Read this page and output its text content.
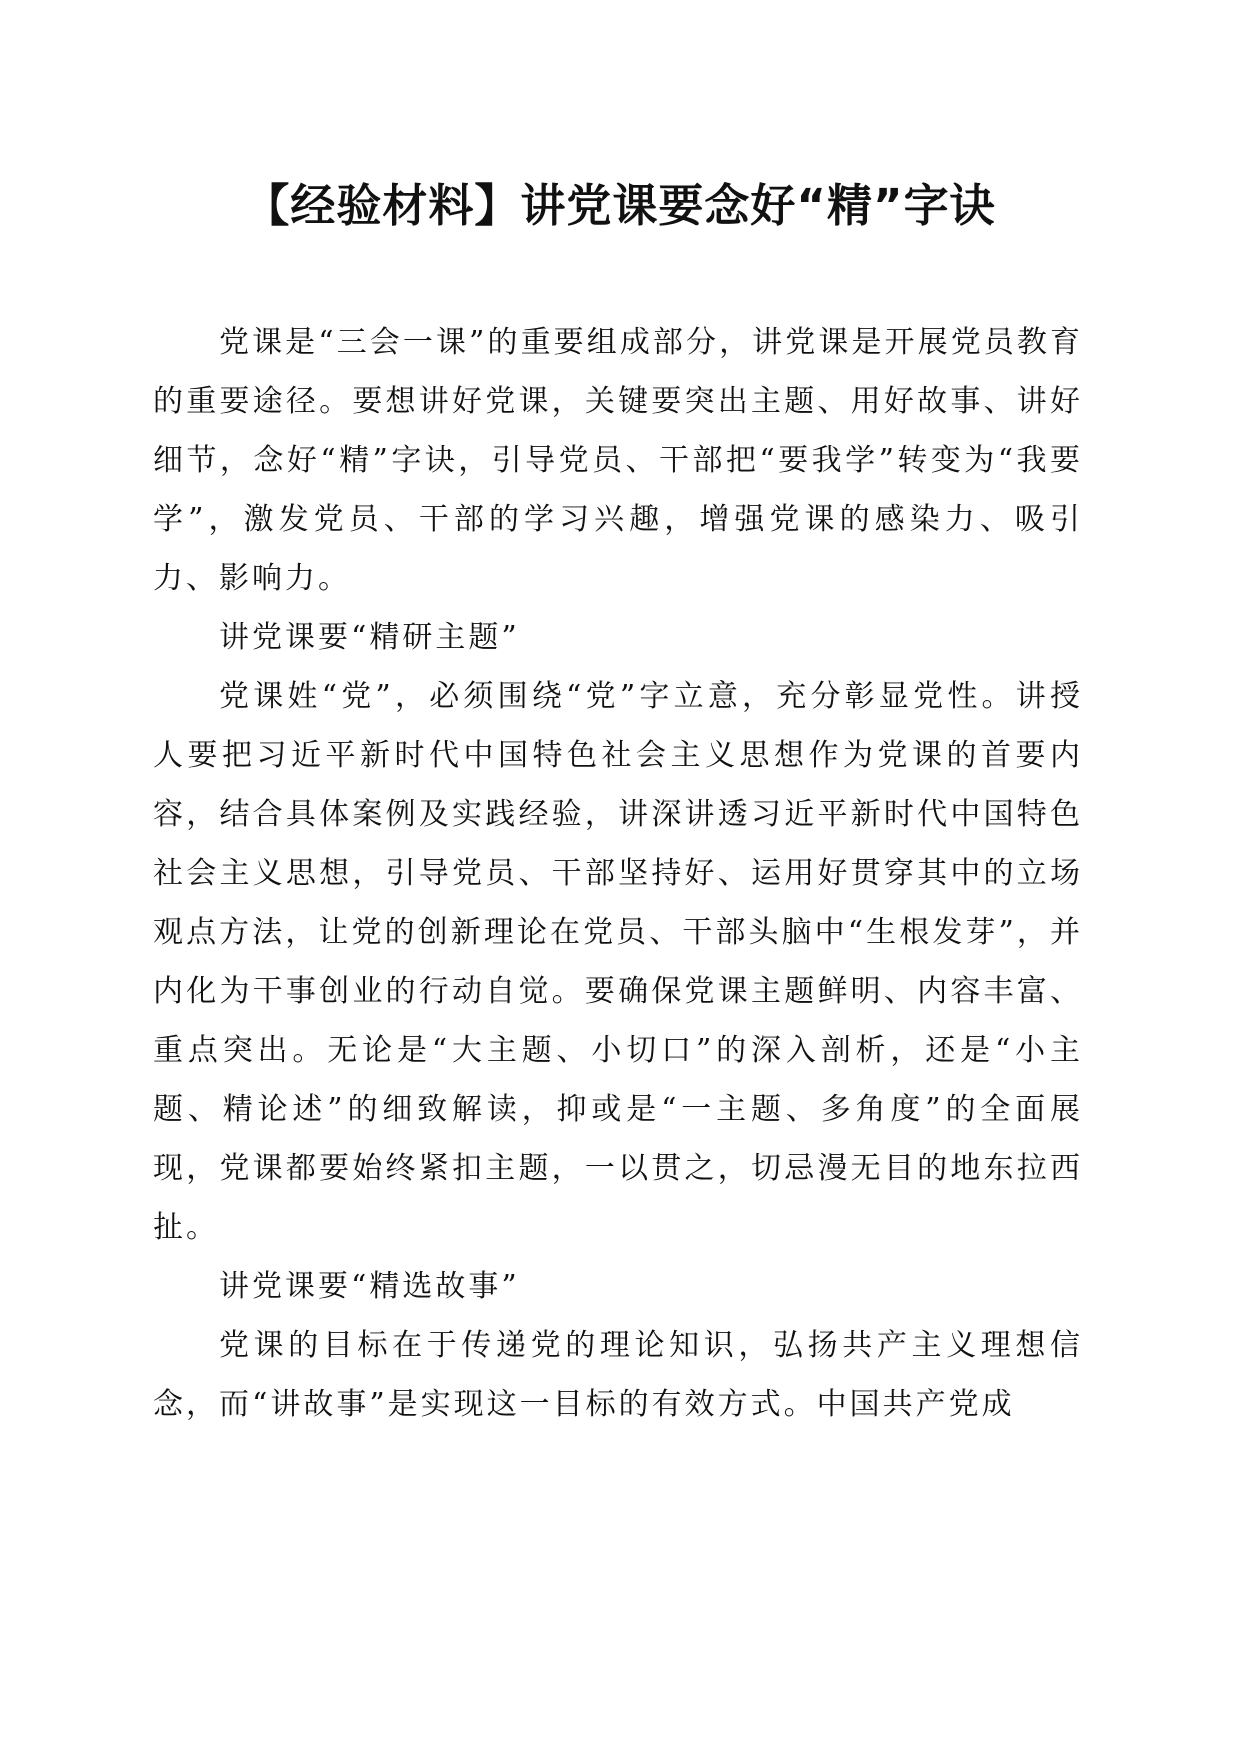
【经验材料】讲党课要念好“精”字诀

党课是“三会一课”的重要组成部分，讲党课是开展党员教育的重要途径。要想讲好党课，关键要突出主题、用好故事、讲好细节，念好“精”字诀，引导党员、干部把“要我学”转变为“我要学”，激发党员、干部的学习兴趣，增强党课的感染力、吸引力、影响力。

讲党课要“精研主题”

党课姓“党”，必须围绕“党”字立意，充分彰显党性。讲授人要把习近平新时代中国特色社会主义思想作为党课的首要内容，结合具体案例及实践经验，讲深讲透习近平新时代中国特色社会主义思想，引导党员、干部坚持好、运用好贯穿其中的立场观点方法，让党的创新理论在党员、干部头脑中“生根发芽”，并内化为干事创业的行动自觉。要确保党课主题鲜明、内容丰富、重点突出。无论是“大主题、小切口”的深入剖析，还是“小主题、精论述”的细致解读，抑或是“一主题、多角度”的全面展现，党课都要始终紧扣主题，一以贯之，切忌漫无目的地东拉西扯。

讲党课要“精选故事”

党课的目标在于传递党的理论知识，弘扬共产主义理想信念，而“讲故事”是实现这一目标的有效方式。中国共产党成
